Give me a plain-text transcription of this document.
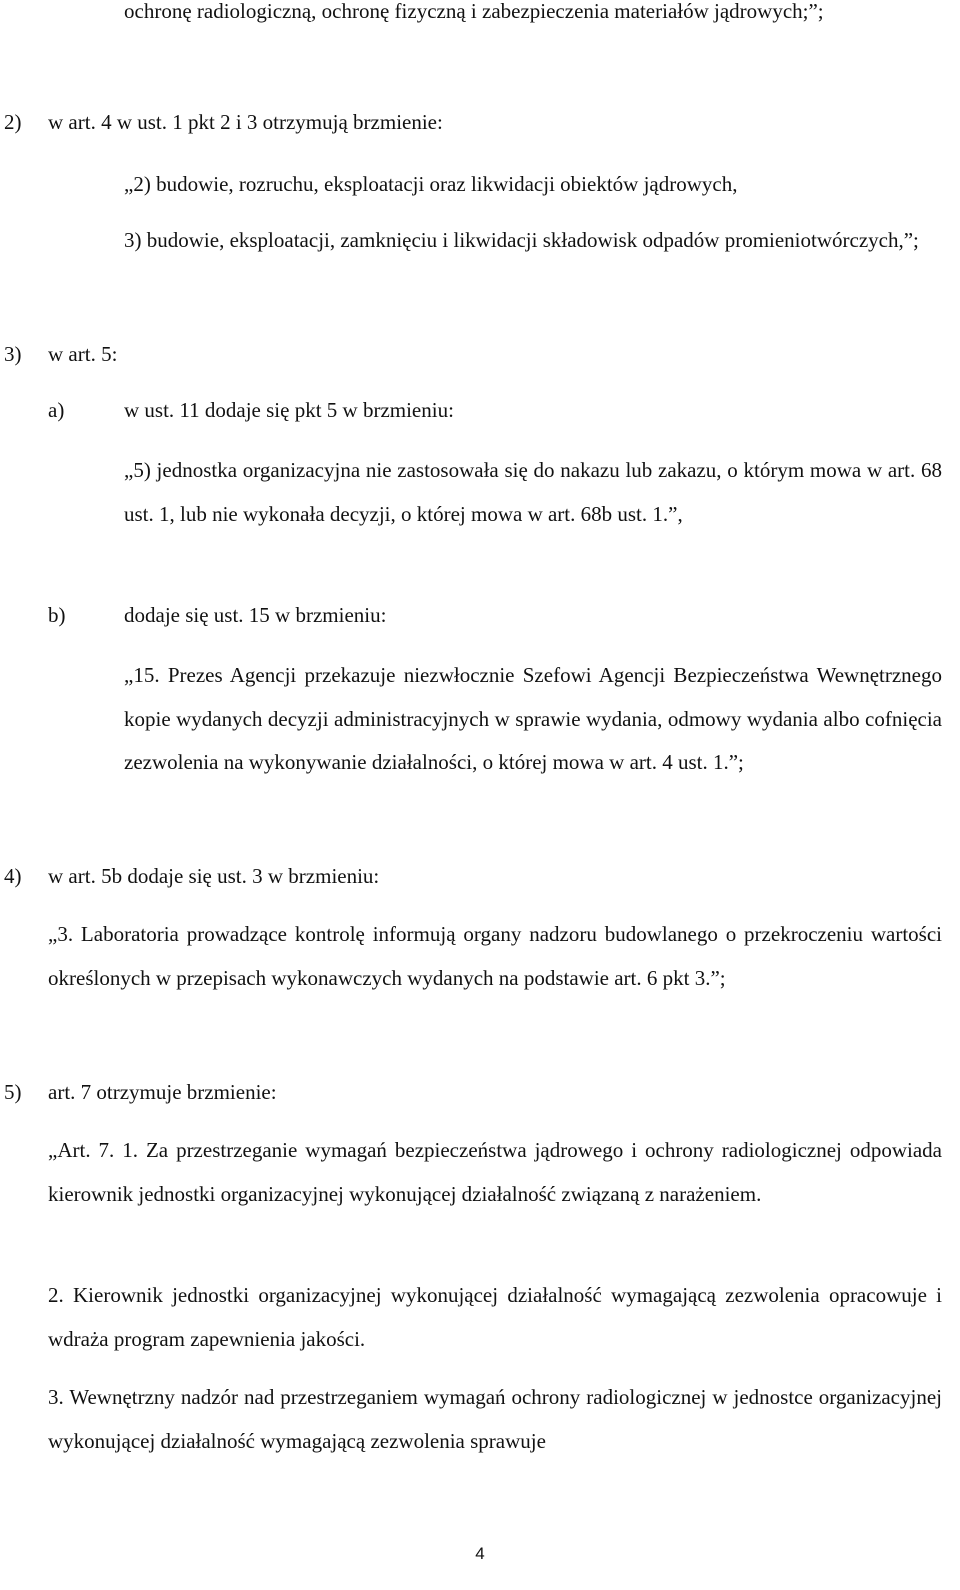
ochronę radiologiczną, ochronę fizyczną i zabezpieczenia materiałów jądrowych;”;
2) w art. 4 w ust. 1 pkt 2 i 3 otrzymują brzmienie:
„2) budowie, rozruchu, eksploatacji oraz likwidacji obiektów jądrowych,
3) budowie, eksploatacji, zamknięciu i likwidacji składowisk odpadów promieniotwórczych,”;
3) w art. 5:
a)	w ust. 11 dodaje się pkt 5 w brzmieniu:
„5) jednostka organizacyjna nie zastosowała się do nakazu lub zakazu, o którym mowa w art. 68 ust. 1, lub nie wykonała decyzji, o której mowa w art. 68b ust. 1.”,
b)	dodaje się ust. 15 w brzmieniu:
„15. Prezes Agencji przekazuje niezwłocznie Szefowi Agencji Bezpieczeństwa Wewnętrznego kopie wydanych decyzji administracyjnych w sprawie wydania, odmowy wydania albo cofnięcia zezwolenia na wykonywanie działalności, o której mowa w art. 4 ust. 1.”;
4) w art. 5b dodaje się ust. 3 w brzmieniu:
„3. Laboratoria prowadzące kontrolę informują organy nadzoru budowlanego o przekroczeniu wartości określonych w przepisach wykonawczych wydanych na podstawie art. 6 pkt 3.”;
5) art. 7 otrzymuje brzmienie:
„Art. 7. 1. Za przestrzeganie wymagań bezpieczeństwa jądrowego i ochrony radiologicznej odpowiada kierownik jednostki organizacyjnej wykonującej działalność związaną z narażeniem.
2. Kierownik jednostki organizacyjnej wykonującej działalność wymagającą zezwolenia opracowuje i wdraża program zapewnienia jakości.
3. Wewnętrzny nadzór nad przestrzeganiem wymagań ochrony radiologicznej w jednostce organizacyjnej wykonującej działalność wymagającą zezwolenia sprawuje
4
